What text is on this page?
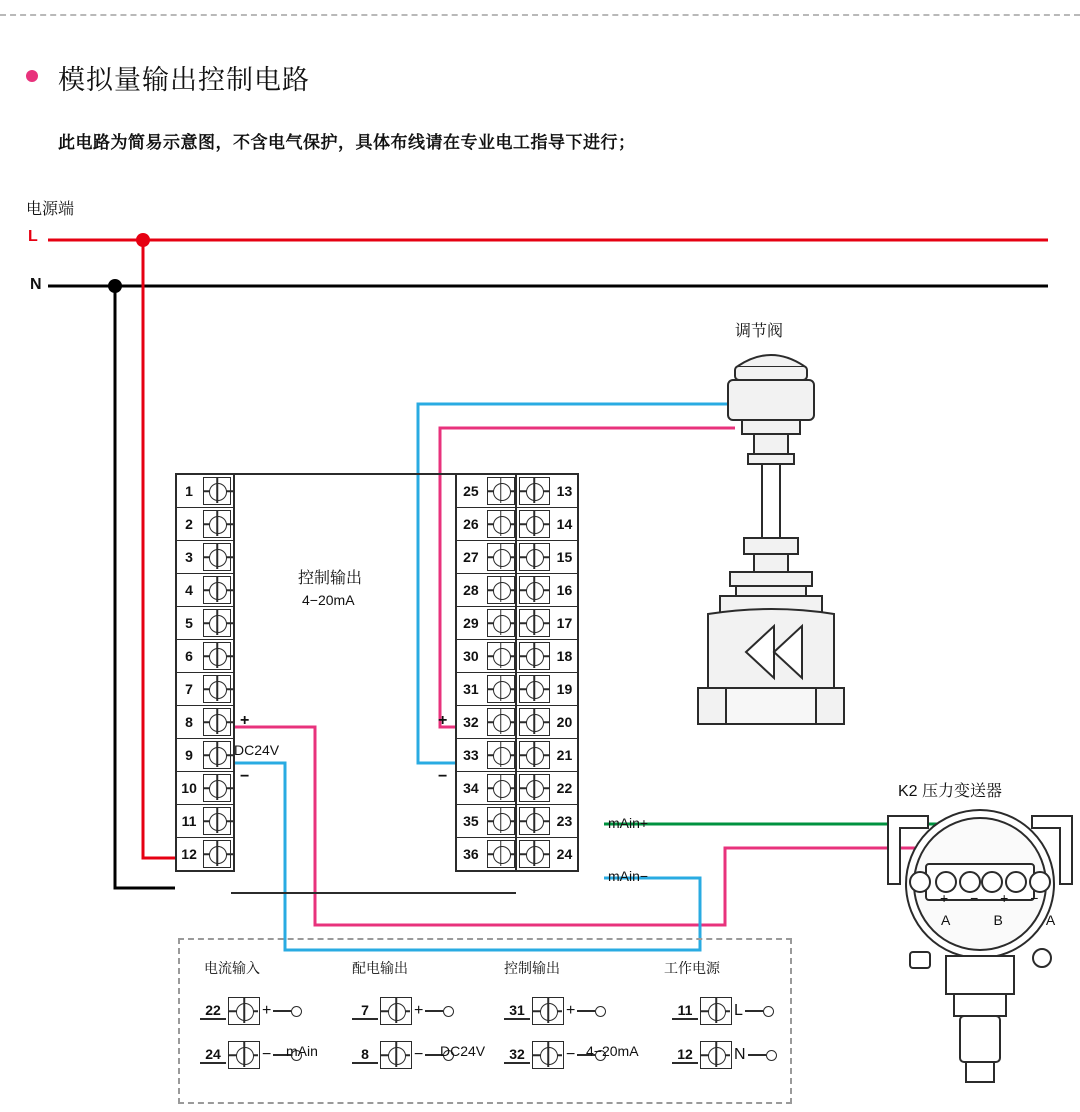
模拟量输出控制电路
此电路为简易示意图，不含电气保护，具体布线请在专业电工指导下进行；
电源端
L
N
1
2
3
4
5
6
7
8
9
10
11
12
控制输出
4−20mA
+
DC24V
−
25
26
27
28
29
30
31
32
33
34
35
36
13
14
15
16
17
18
19
20
21
22
23
24
+
−
mAin+
mAin−
调节阀
K2 压力变送器
+ − + −
A B A
电流输入
22	+
24	− mAin
配电输出
7	+
8	− DC24V
控制输出
31	+
32	− 4−20mA
工作电源
11	L
12	N
